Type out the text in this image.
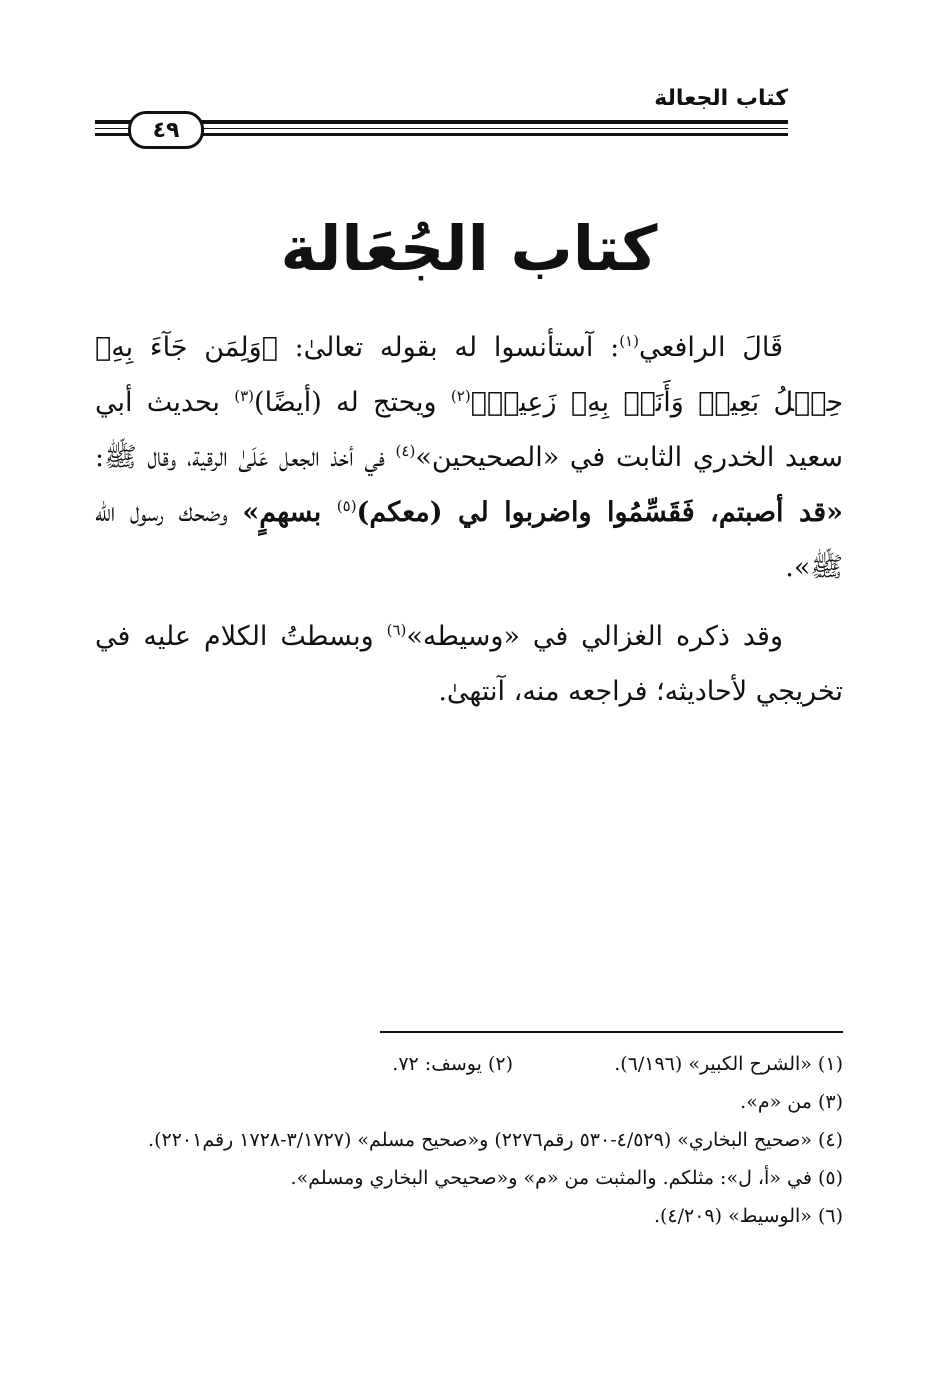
كتاب الجعالة
٤٩
كتاب الجُعَالة

قَالَ الرافعي$^{(١)}$: آستأنسوا له بقوله تعالىٰ: ﴿وَلِمَن جَآءَ بِهِۦ حِمۡلُ بَعِيرٖ وَأَنَا۠ بِهِۦ زَعِيمٞ﴾$^{(٢)}$ ويحتج له (أيضًا)$^{(٣)}$ بحديث أبي سعيد الخدري الثابت في «الصحيحين»$^{(٤)}$ في أخذ الجعل عَلَىٰ الرقية، وقال ﷺ: «قد أصبتم، فَقَسِّمُوا واضربوا لي (معكم)$^{(٥)}$ بسهمٍ» وضحك رسول الله ﷺ».

وقد ذكره الغزالي في «وسيطه»$^{(٦)}$ وبسطتُ الكلام عليه في تخريجي لأحاديثه؛ فراجعه منه، آنتهىٰ.

(١) «الشرح الكبير» (٦/١٩٦).
(٢) يوسف: ٧٢.
(٣) من «م».
(٤) «صحيح البخاري» (٤/٥٢٩-٥٣٠ رقم٢٢٧٦) و«صحيح مسلم» (٣/١٧٢٧-١٧٢٨ رقم٢٢٠١).
(٥) في «أ، ل»: مثلكم. والمثبت من «م» و«صحيحي البخاري ومسلم».
(٦) «الوسيط» (٤/٢٠٩).
